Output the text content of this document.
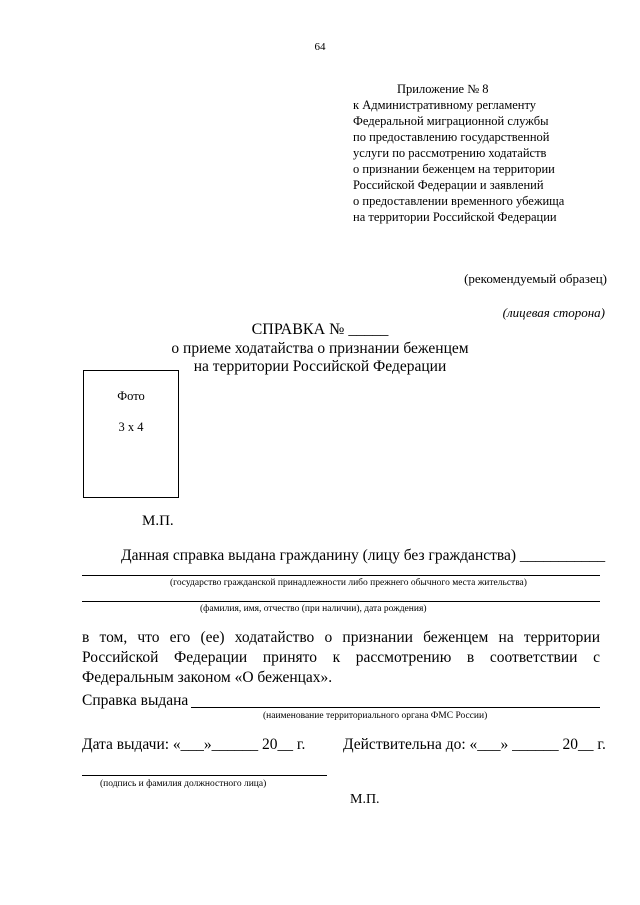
64
Приложение № 8
к Административному регламенту
Федеральной миграционной службы
по предоставлению государственной
услуги по рассмотрению ходатайств
о признании беженцем на территории
Российской Федерации и заявлений
о предоставлении временного убежища
на территории Российской Федерации
(рекомендуемый образец)
(лицевая сторона)
СПРАВКА № _____
о приеме ходатайства о признании беженцем
на территории Российской Федерации
Фото
3 х 4
М.П.
Данная справка выдана гражданину (лицу без гражданства) ___________
(государство гражданской принадлежности либо прежнего обычного места жительства)
(фамилия, имя, отчество (при наличии), дата рождения)
в том, что его (ее) ходатайство о признании беженцем на территории Российской Федерации принято к рассмотрению в соответствии с Федеральным законом «О беженцах».
Справка выдана
(наименование территориального органа ФМС России)
Дата выдачи: «___»______ 20__ г. Действительна до: «___» ______ 20__ г.
(подпись и фамилия должностного лица)
М.П.
